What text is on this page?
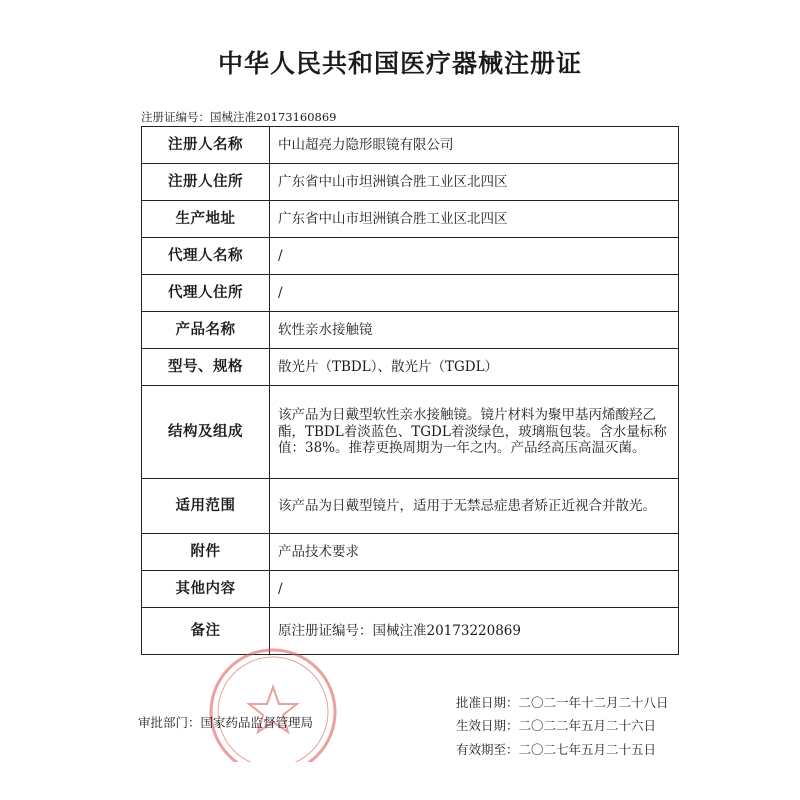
中华人民共和国医疗器械注册证
注册证编号：国械注准20173160869
注册人名称	中山超亮力隐形眼镜有限公司
注册人住所	广东省中山市坦洲镇合胜工业区北四区
生产地址	广东省中山市坦洲镇合胜工业区北四区
代理人名称	/
代理人住所	/
产品名称	软性亲水接触镜
型号、规格	散光片（TBDL）、散光片（TGDL）
结构及组成	该产品为日戴型软性亲水接触镜。镜片材料为聚甲基丙烯酸羟乙酯，TBDL着淡蓝色、TGDL着淡绿色，玻璃瓶包装。含水量标称值：38%。推荐更换周期为一年之内。产品经高压高温灭菌。
适用范围	该产品为日戴型镜片，适用于无禁忌症患者矫正近视合并散光。
附件	产品技术要求
其他内容	/
备注	原注册证编号：国械注准20173220869
审批部门：国家药品监督管理局
批准日期：二〇二一年十二月二十八日
生效日期：二〇二二年五月二十六日
有效期至：二〇二七年五月二十五日
